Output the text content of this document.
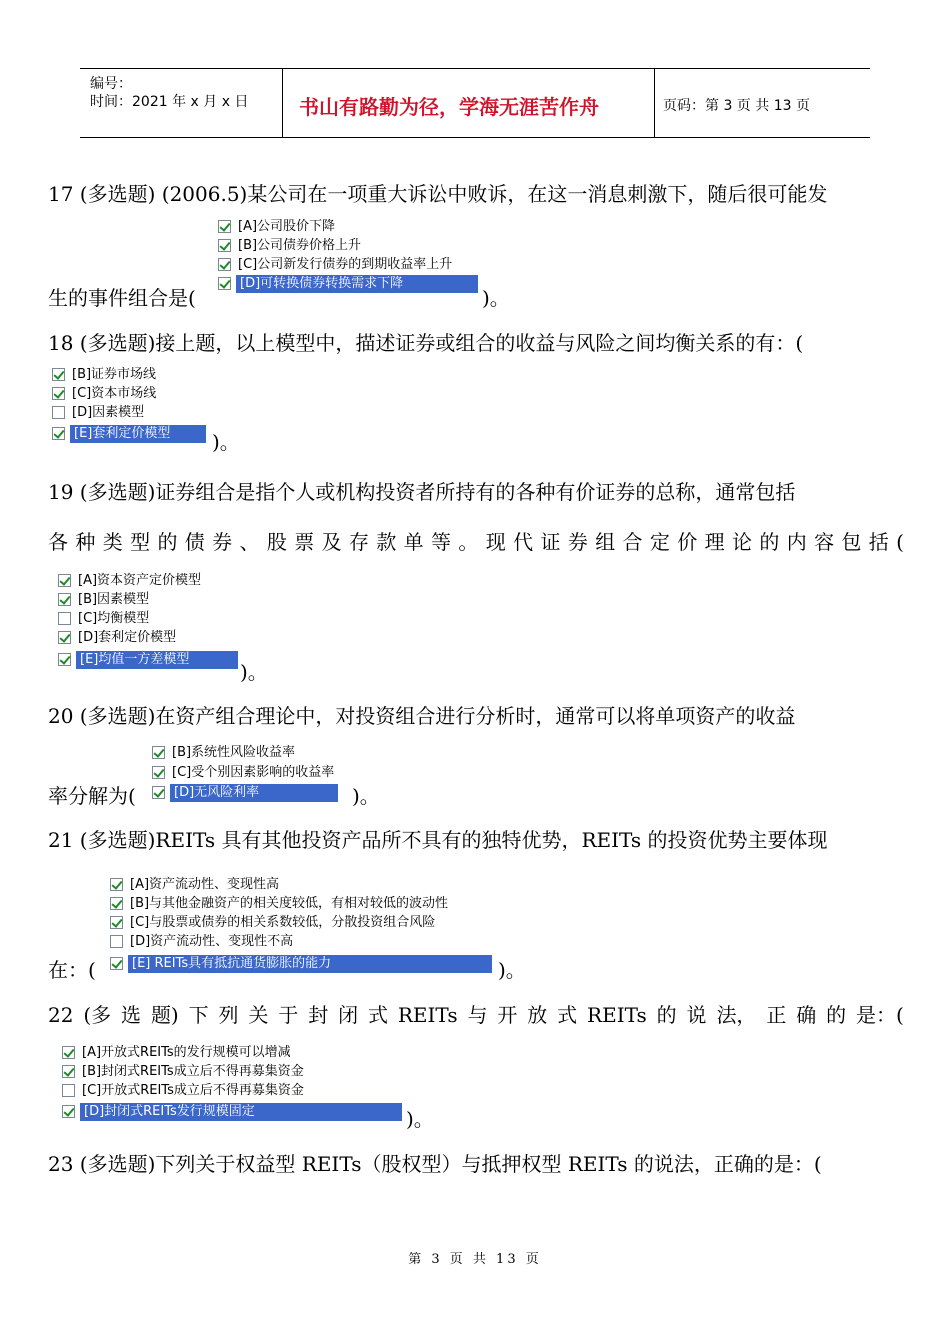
编号：
时间：2021 年 x 月 x 日	书山有路勤为径，学海无涯苦作舟	页码：第 3 页 共 13 页
17 (多选题) (2006.5)某公司在一项重大诉讼中败诉，在这一消息刺激下，随后很可能发
[A]公司股价下降
[B]公司债券价格上升
[C]公司新发行债券的到期收益率上升
[D]可转换债券转换需求下降
生的事件组合是(	)。
18 (多选题)接上题，以上模型中，描述证券或组合的收益与风险之间均衡关系的有：(
[B]证券市场线
[C]资本市场线
[D]因素模型
[E]套利定价模型	)。
19 (多选题)证券组合是指个人或机构投资者所持有的各种有价证券的总称，通常包括
各 种 类 型 的 债 券 、 股 票 及 存 款 单 等 。 现 代 证 券 组 合 定 价 理 论 的 内 容 包 括 (
[A]资本资产定价模型
[B]因素模型
[C]均衡模型
[D]套利定价模型
[E]均值一方差模型
)。
20 (多选题)在资产组合理论中，对投资组合进行分析时，通常可以将单项资产的收益
[B]系统性风险收益率
[C]受个别因素影响的收益率
[D]无风险利率
率分解为(	)。
21 (多选题)REITs 具有其他投资产品所不具有的独特优势，REITs 的投资优势主要体现
[A]资产流动性、变现性高
[B]与其他金融资产的相关度较低，有相对较低的波动性
[C]与股票或债券的相关系数较低，分散投资组合风险
[D]资产流动性、变现性不高
[E] REITs具有抵抗通货膨胀的能力
在：(	)。
22 (多 选 题) 下 列 关 于 封 闭 式 REITs 与 开 放 式 REITs 的 说 法， 正 确 的 是：(
[A]开放式REITs的发行规模可以增减
[B]封闭式REITs成立后不得再募集资金
[C]开放式REITs成立后不得再募集资金
[D]封闭式REITs发行规模固定	)。
23 (多选题)下列关于权益型 REITs（股权型）与抵押权型 REITs 的说法，正确的是：(
第 3 页 共 13 页
